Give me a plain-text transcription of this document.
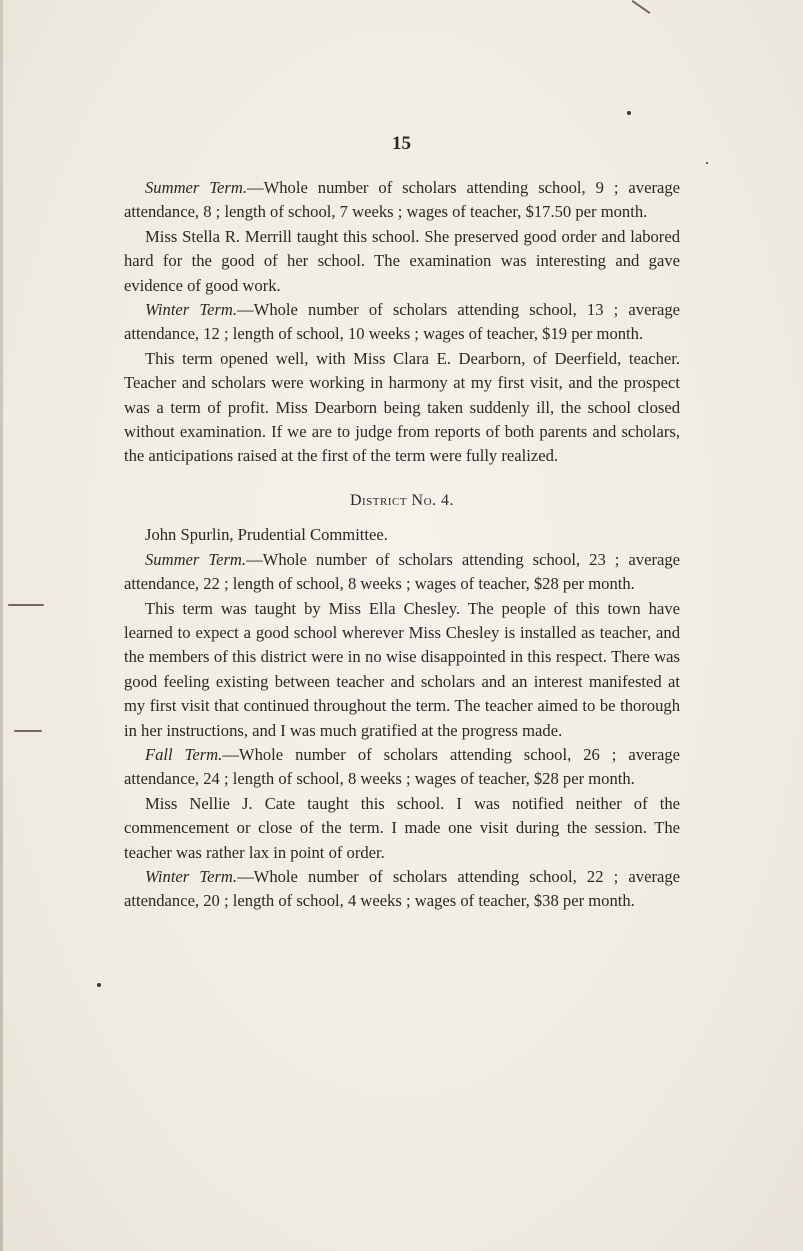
15

Summer Term.—Whole number of scholars attending school, 9 ; average attendance, 8 ; length of school, 7 weeks ; wages of teacher, $17.50 per month.

Miss Stella R. Merrill taught this school. She preserved good order and labored hard for the good of her school. The examination was interesting and gave evidence of good work.

Winter Term.—Whole number of scholars attending school, 13 ; average attendance, 12 ; length of school, 10 weeks ; wages of teacher, $19 per month.

This term opened well, with Miss Clara E. Dearborn, of Deerfield, teacher. Teacher and scholars were working in harmony at my first visit, and the prospect was a term of profit. Miss Dearborn being taken suddenly ill, the school closed without examination. If we are to judge from reports of both parents and scholars, the anticipations raised at the first of the term were fully realized.

District No. 4.

John Spurlin, Prudential Committee.

Summer Term.—Whole number of scholars attending school, 23 ; average attendance, 22 ; length of school, 8 weeks ; wages of teacher, $28 per month.

This term was taught by Miss Ella Chesley. The people of this town have learned to expect a good school wherever Miss Chesley is installed as teacher, and the members of this district were in no wise disappointed in this respect. There was good feeling existing between teacher and scholars and an interest manifested at my first visit that continued throughout the term. The teacher aimed to be thorough in her instructions, and I was much gratified at the progress made.

Fall Term.—Whole number of scholars attending school, 26 ; average attendance, 24 ; length of school, 8 weeks ; wages of teacher, $28 per month.

Miss Nellie J. Cate taught this school. I was notified neither of the commencement or close of the term. I made one visit during the session. The teacher was rather lax in point of order.

Winter Term.—Whole number of scholars attending school, 22 ; average attendance, 20 ; length of school, 4 weeks ; wages of teacher, $38 per month.
